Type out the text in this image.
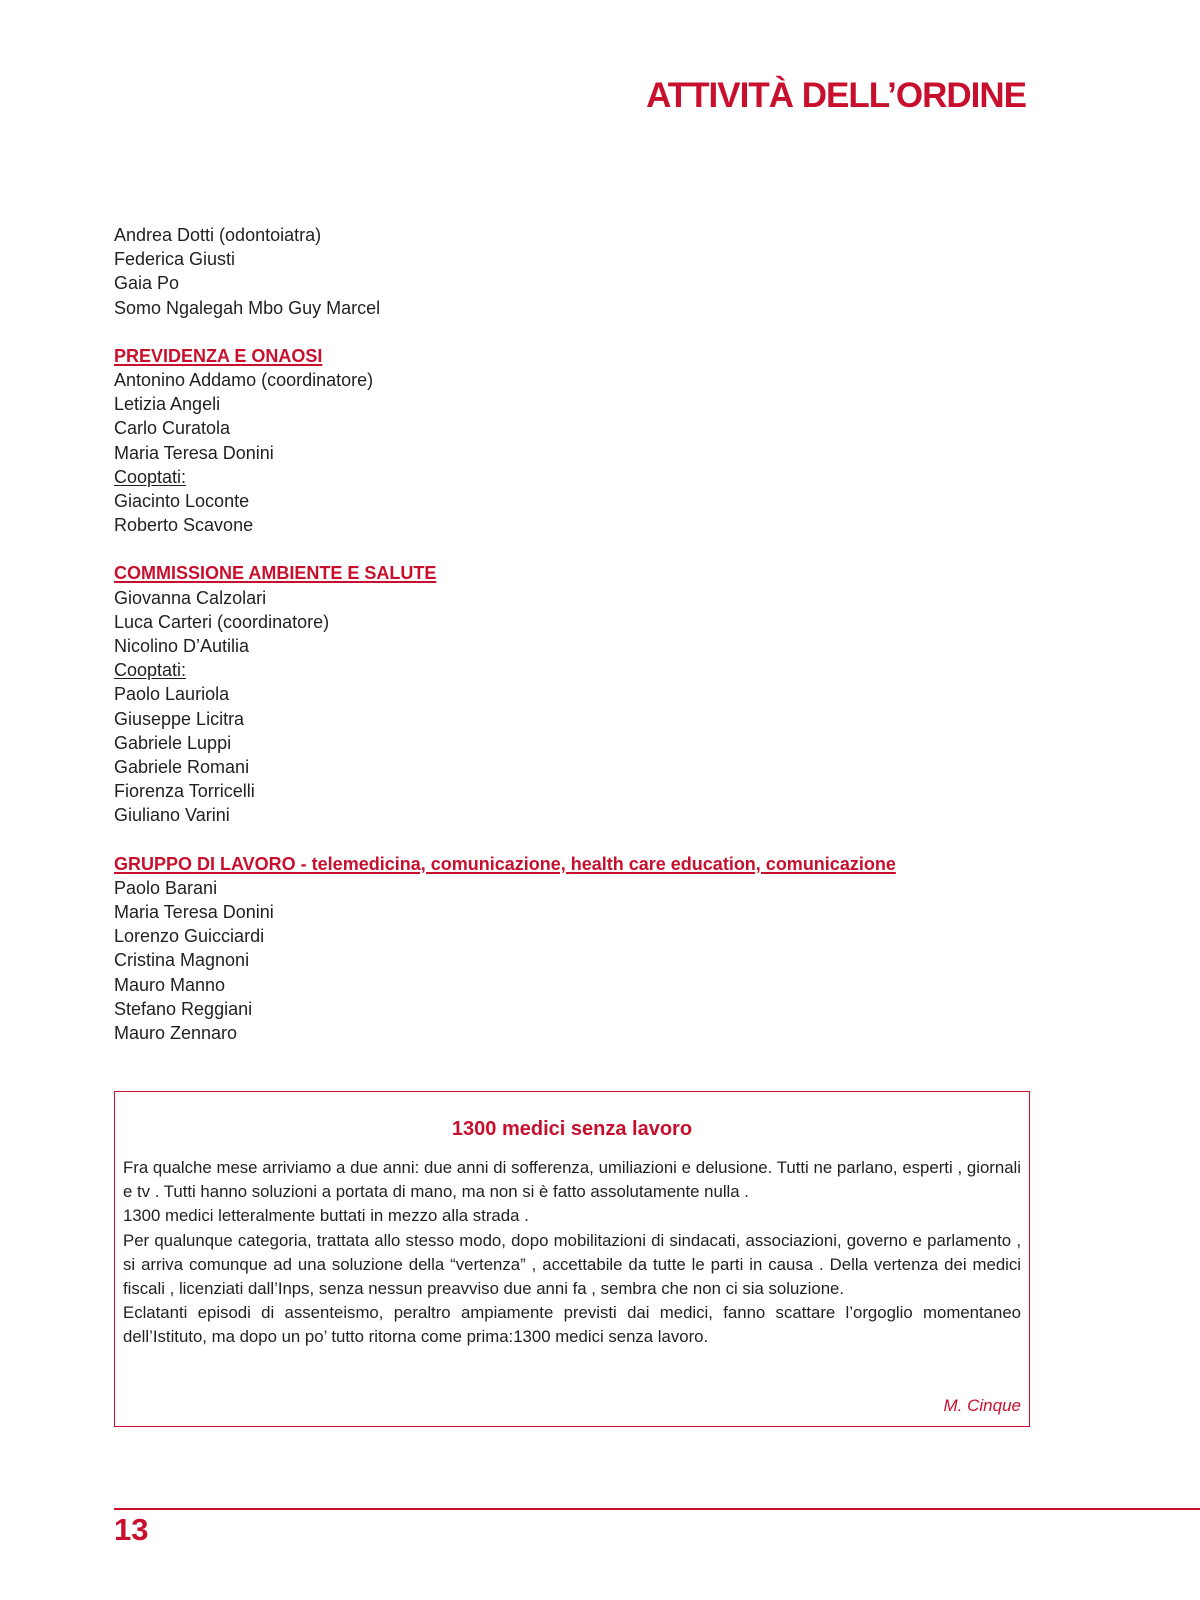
ATTIVITÀ DELL’ORDINE
Andrea Dotti (odontoiatra)
Federica Giusti
Gaia Po
Somo Ngalegah Mbo Guy Marcel
PREVIDENZA E ONAOSI
Antonino Addamo (coordinatore)
Letizia Angeli
Carlo Curatola
Maria Teresa Donini
Cooptati:
Giacinto Loconte
Roberto Scavone
COMMISSIONE AMBIENTE E SALUTE
Giovanna Calzolari
Luca Carteri (coordinatore)
Nicolino D’Autilia
Cooptati:
Paolo Lauriola
Giuseppe Licitra
Gabriele Luppi
Gabriele Romani
Fiorenza Torricelli
Giuliano Varini
GRUPPO DI LAVORO - telemedicina, comunicazione, health care education, comunicazione
Paolo Barani
Maria Teresa Donini
Lorenzo Guicciardi
Cristina Magnoni
Mauro Manno
Stefano Reggiani
Mauro Zennaro
1300 medici senza lavoro

Fra qualche mese arriviamo a due anni: due anni di sofferenza, umiliazioni e delusione. Tutti ne parlano, esperti , giornali e tv . Tutti hanno soluzioni a portata di mano, ma non si è fatto assolutamente nulla .

1300 medici letteralmente buttati in mezzo alla strada .

Per qualunque categoria, trattata allo stesso modo, dopo mobilitazioni di sindacati, associazioni, governo e parlamento , si arriva comunque ad una soluzione della “vertenza” , accettabile da tutte le parti in causa . Della vertenza dei medici fiscali , licenziati dall’Inps, senza nessun preavviso due anni fa , sembra che non ci sia soluzione.

Eclatanti episodi di assenteismo, peraltro ampiamente previsti dai medici, fanno scattare l’orgoglio momentaneo dell’Istituto, ma dopo un po’ tutto ritorna come prima:1300 medici senza lavoro.

M. Cinque
13
